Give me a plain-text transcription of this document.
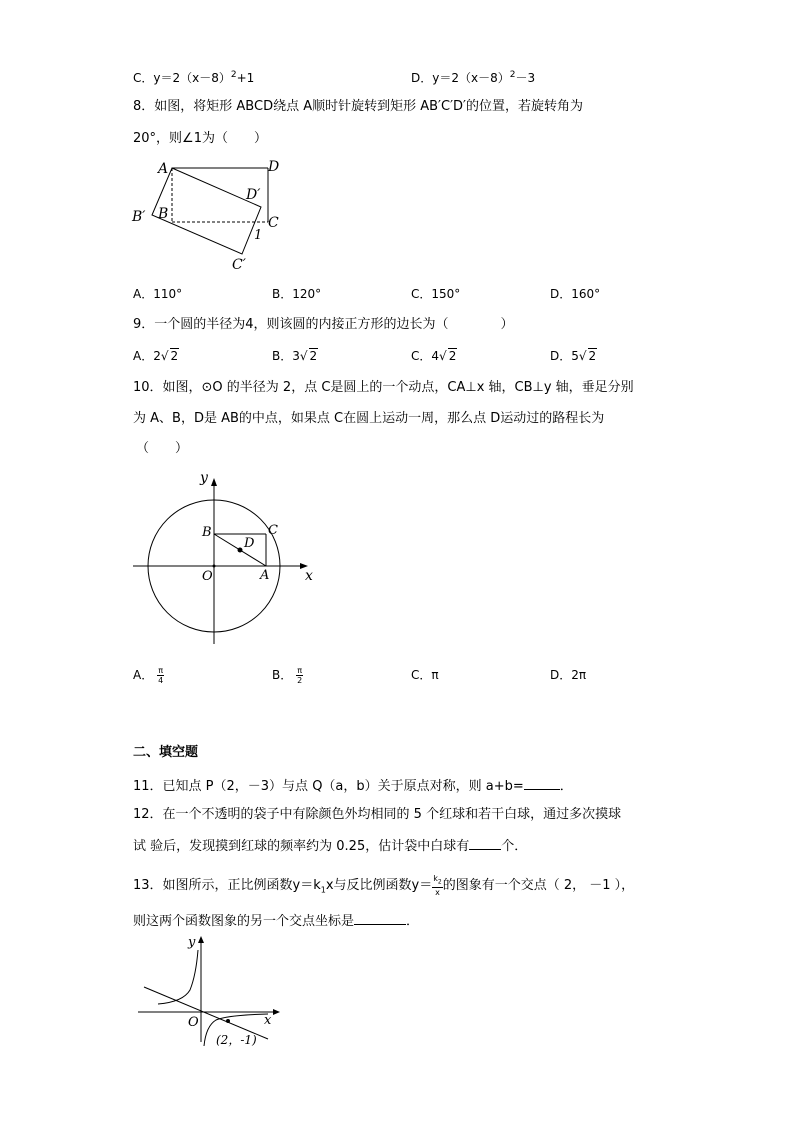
C．$y=2(x-8)^2+1$	D．$y=2(x-8)^2-3$
8．如图，将矩形 ABCD绕点 A顺时针旋转到矩形 AB′C′D′的位置，若旋转角为
20°，则∠1为（　　）
A	D
D′
B
B′	C
1
C′
A．110°	B．120°	C．150°	D．160°
9．一个圆的半径为4，则该圆的内接正方形的边长为（　　　　）
A．2√ 2	B．3√ 2	C．4√ 2	D．5√ 2
10．如图，⊙O 的半径为 2，点 C是圆上的一个动点，CA⊥x 轴，CB⊥y 轴，垂足分别
为 A、B，D是 AB的中点，如果点 C在圆上运动一周，那么点 D运动过的路程长为
（　　）
y
x
O	A
B	C
D
A． $\frac{\pi}{4}$	B． $\frac{\pi}{2}$	C．π	D．2π
二、填空题
11．已知点 P（2，－3）与点 Q（a，b）关于原点对称，则 a+b=	．
12．在一个不透明的袋子中有除颜色外均相同的 5 个红球和若干白球，通过多次摸球
试 验后，发现摸到红球的频率约为 0.25，估计袋中白球有 个．
13．如图所示，正比例函数$y=k_1x$与反比例函数$y= \frac{k_2}{x}$ 的图象有一个交点（ 2， －1 ），
则这两个函数图象的另一个交点坐标是	．
y
x
O
(2，-1)
